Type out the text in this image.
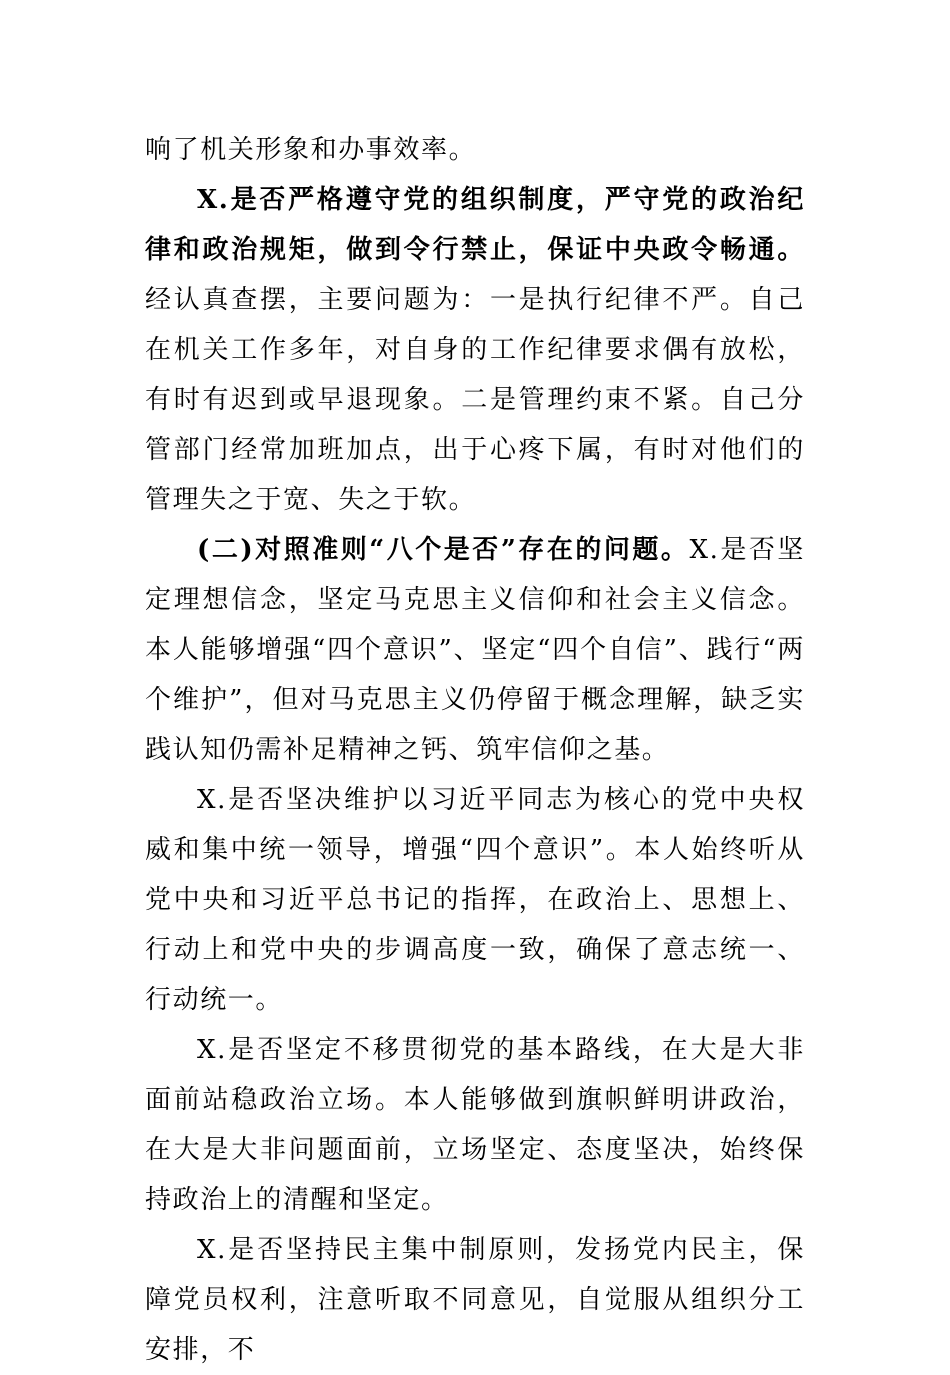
响了机关形象和办事效率。

X.是否严格遵守党的组织制度，严守党的政治纪律和政治规矩，做到令行禁止，保证中央政令畅通。经认真查摆，主要问题为：一是执行纪律不严。自己在机关工作多年，对自身的工作纪律要求偶有放松，有时有迟到或早退现象。二是管理约束不紧。自己分管部门经常加班加点，出于心疼下属，有时对他们的管理失之于宽、失之于软。

(二)对照准则“八个是否”存在的问题。X.是否坚定理想信念，坚定马克思主义信仰和社会主义信念。本人能够增强“四个意识”、坚定“四个自信”、践行“两个维护”，但对马克思主义仍停留于概念理解，缺乏实践认知仍需补足精神之钙、筑牢信仰之基。

X.是否坚决维护以习近平同志为核心的党中央权威和集中统一领导，增强“四个意识”。本人始终听从党中央和习近平总书记的指挥，在政治上、思想上、行动上和党中央的步调高度一致，确保了意志统一、行动统一。

X.是否坚定不移贯彻党的基本路线，在大是大非面前站稳政治立场。本人能够做到旗帜鲜明讲政治，在大是大非问题面前，立场坚定、态度坚决，始终保持政治上的清醒和坚定。

X.是否坚持民主集中制原则，发扬党内民主，保障党员权利，注意听取不同意见，自觉服从组织分工安排，不
